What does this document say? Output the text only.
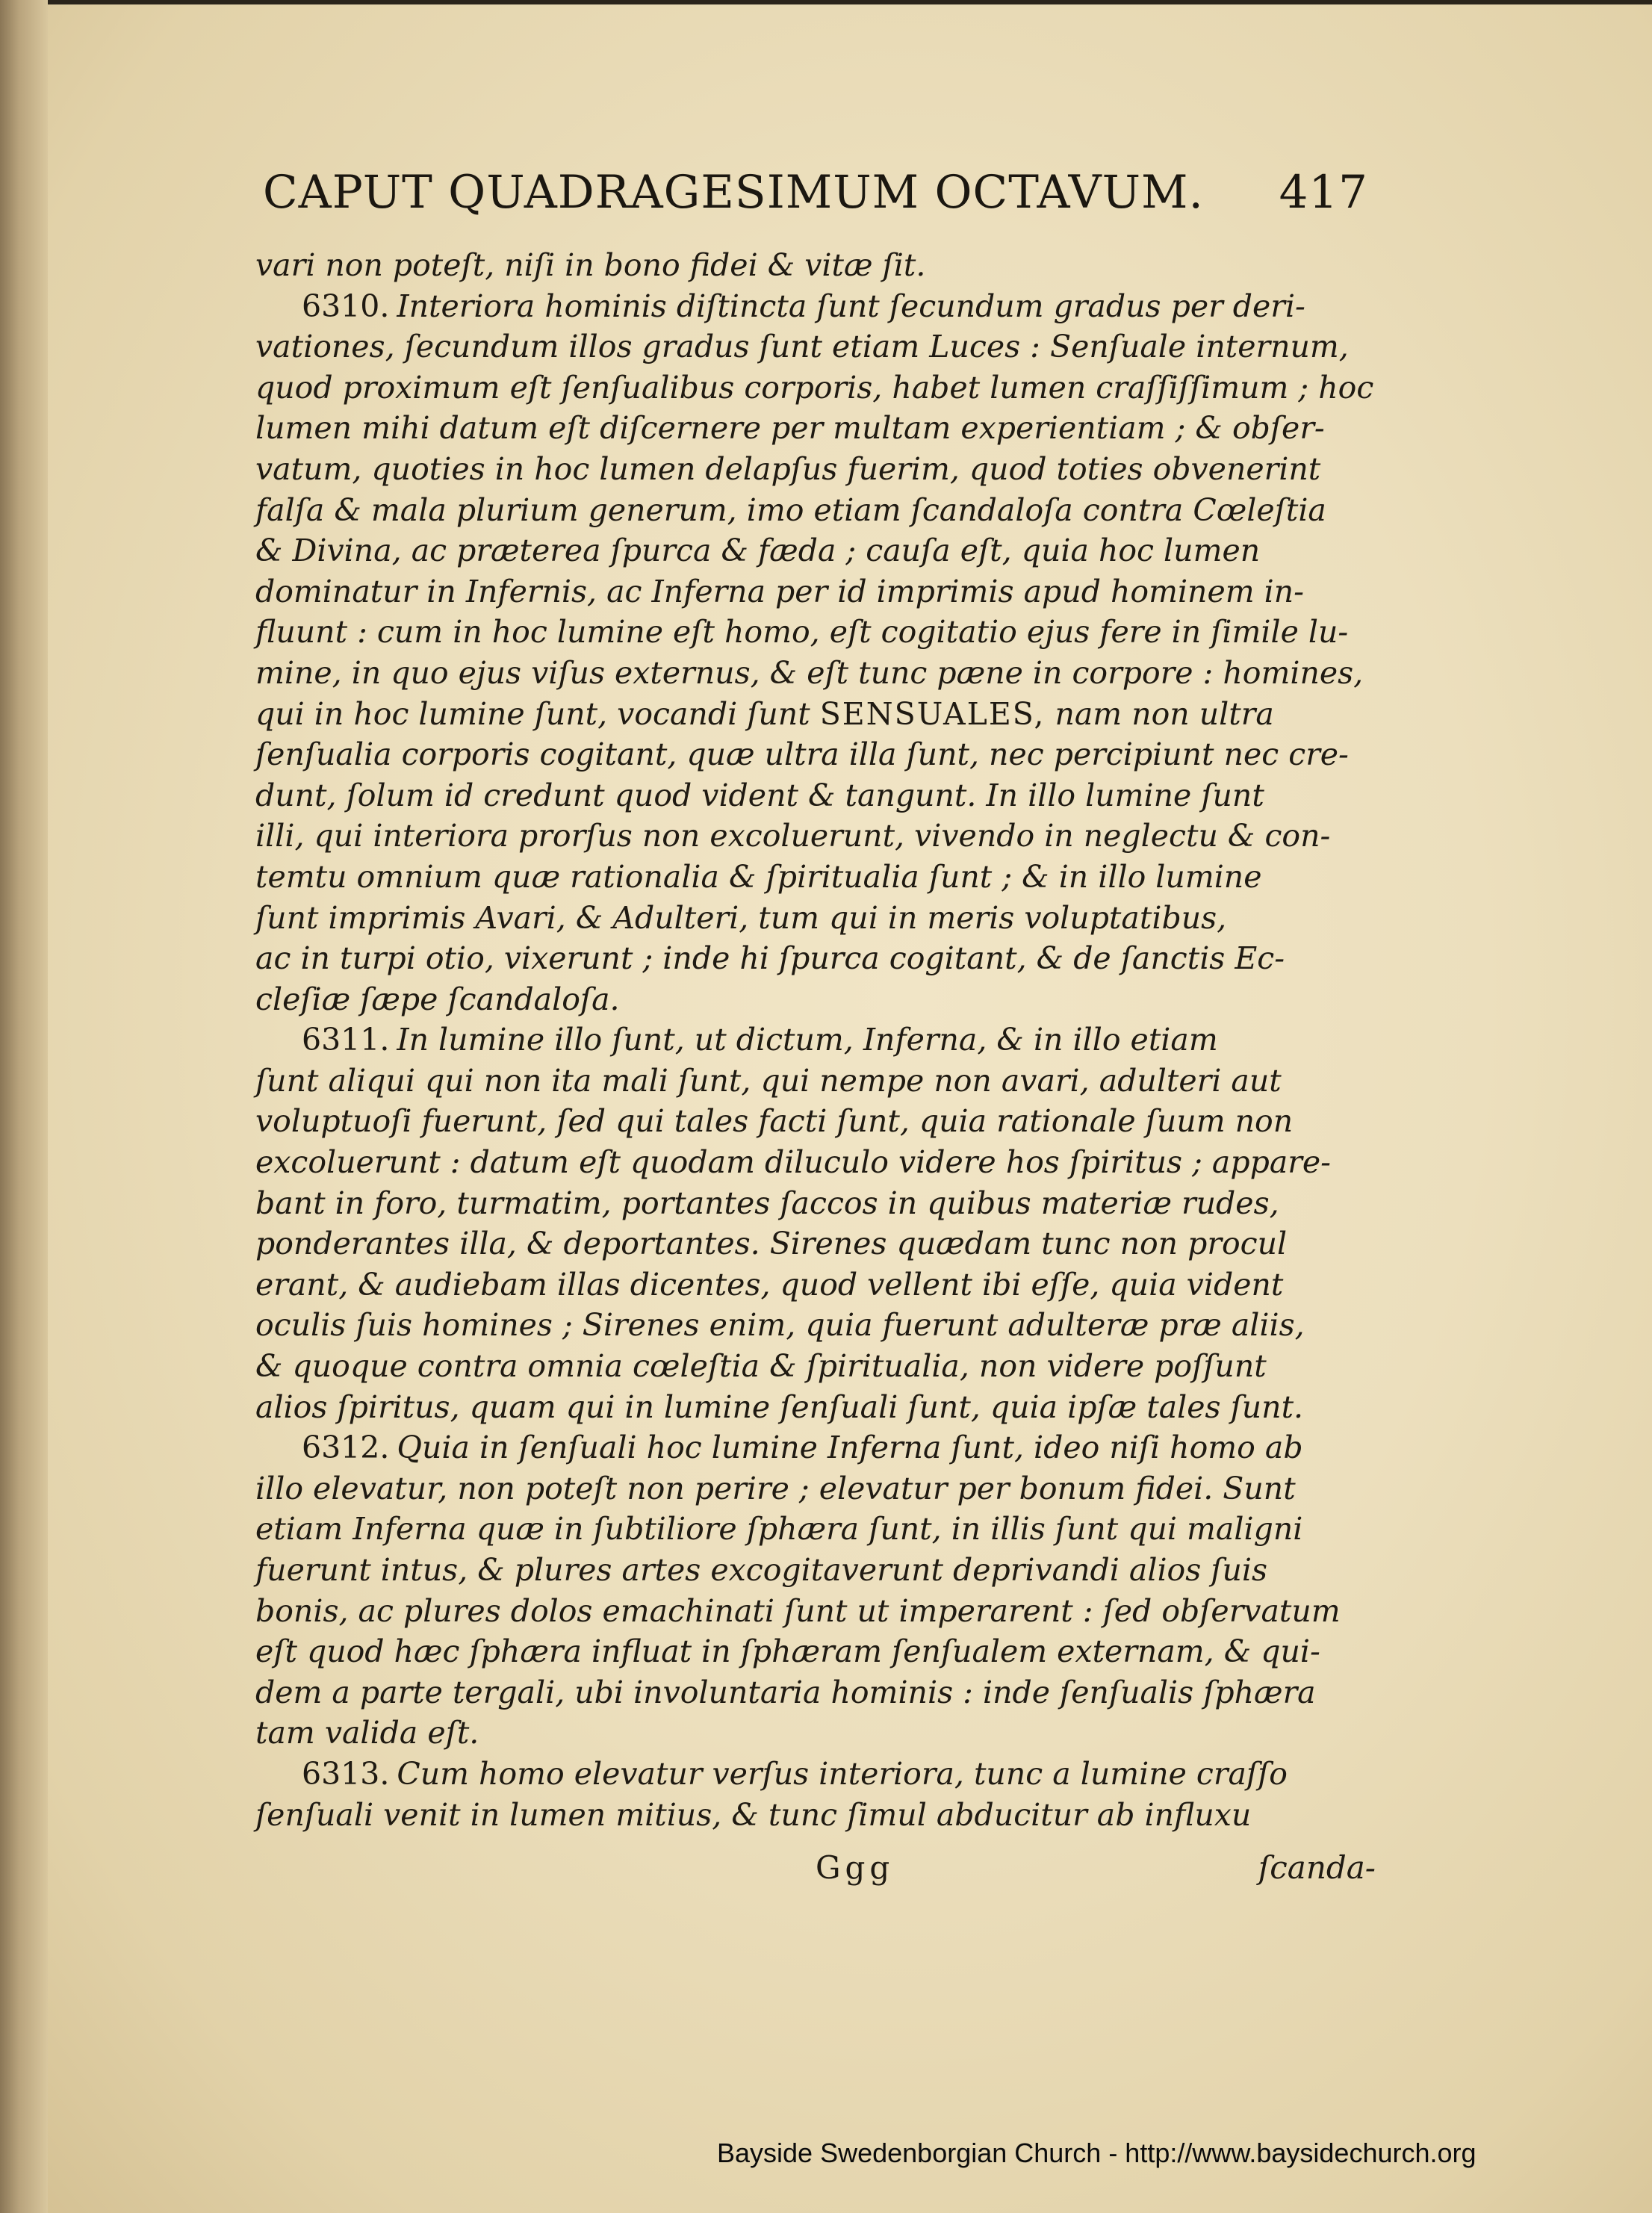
CAPUT QUADRAGESIMUM OCTAVUM. 417
vari non poteſt, niſi in bono fidei & vitæ ſit.
6310. Interiora hominis diſtincta ſunt ſecundum gradus per deri-
vationes, ſecundum illos gradus ſunt etiam Luces : Senſuale internum,
quod proximum eſt ſenſualibus corporis, habet lumen craſſiſſimum ; hoc
lumen mihi datum eſt diſcernere per multam experientiam ; & obſer-
vatum, quoties in hoc lumen delapſus fuerim, quod toties obvenerint
falſa & mala plurium generum, imo etiam ſcandaloſa contra Cœleſtia
& Divina, ac præterea ſpurca & fæda ; cauſa eſt, quia hoc lumen
dominatur in Infernis, ac Inferna per id imprimis apud hominem in-
fluunt : cum in hoc lumine eſt homo, eſt cogitatio ejus fere in ſimile lu-
mine, in quo ejus viſus externus, & eſt tunc pæne in corpore : homines,
qui in hoc lumine ſunt, vocandi ſunt SENSUALES, nam non ultra
ſenſualia corporis cogitant, quæ ultra illa ſunt, nec percipiunt nec cre-
dunt, ſolum id credunt quod vident & tangunt. In illo lumine ſunt
illi, qui interiora prorſus non excoluerunt, vivendo in neglectu & con-
temtu omnium quæ rationalia & ſpiritualia ſunt ; & in illo lumine
ſunt imprimis Avari, & Adulteri, tum qui in meris voluptatibus,
ac in turpi otio, vixerunt ; inde hi ſpurca cogitant, & de ſanctis Ec-
cleſiæ ſæpe ſcandaloſa.
6311. In lumine illo ſunt, ut dictum, Inferna, & in illo etiam
ſunt aliqui qui non ita mali ſunt, qui nempe non avari, adulteri aut
voluptuoſi fuerunt, ſed qui tales facti ſunt, quia rationale ſuum non
excoluerunt : datum eſt quodam diluculo videre hos ſpiritus ; appare-
bant in foro, turmatim, portantes ſaccos in quibus materiæ rudes,
ponderantes illa, & deportantes. Sirenes quædam tunc non procul
erant, & audiebam illas dicentes, quod vellent ibi eſſe, quia vident
oculis ſuis homines ; Sirenes enim, quia fuerunt adulteræ præ aliis,
& quoque contra omnia cœleſtia & ſpiritualia, non videre poſſunt
alios ſpiritus, quam qui in lumine ſenſuali ſunt, quia ipſæ tales ſunt.
6312. Quia in ſenſuali hoc lumine Inferna ſunt, ideo niſi homo ab
illo elevatur, non poteſt non perire ; elevatur per bonum fidei. Sunt
etiam Inferna quæ in ſubtiliore ſphæra ſunt, in illis ſunt qui maligni
fuerunt intus, & plures artes excogitaverunt deprivandi alios ſuis
bonis, ac plures dolos emachinati ſunt ut imperarent : ſed obſervatum
eſt quod hæc ſphæra influat in ſphæram ſenſualem externam, & qui-
dem a parte tergali, ubi involuntaria hominis : inde ſenſualis ſphæra
tam valida eſt.
6313. Cum homo elevatur verſus interiora, tunc a lumine craſſo
ſenſuali venit in lumen mitius, & tunc ſimul abducitur ab influxu
Ggg	ſcanda-
Bayside Swedenborgian Church - http://www.baysidechurch.org
